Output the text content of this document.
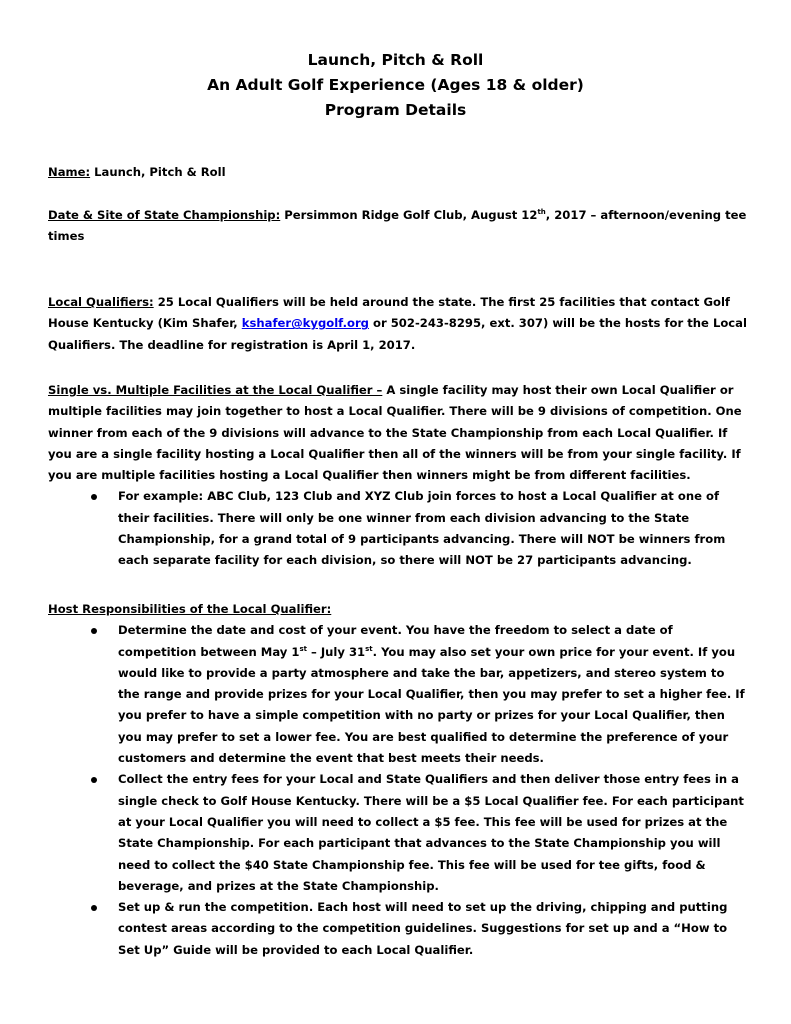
Launch, Pitch & Roll
An Adult Golf Experience (Ages 18 & older)
Program Details
Name: Launch, Pitch & Roll
Date & Site of State Championship: Persimmon Ridge Golf Club, August 12th, 2017 – afternoon/evening tee times
Local Qualifiers: 25 Local Qualifiers will be held around the state. The first 25 facilities that contact Golf House Kentucky (Kim Shafer, kshafer@kygolf.org or 502-243-8295, ext. 307) will be the hosts for the Local Qualifiers. The deadline for registration is April 1, 2017.
Single vs. Multiple Facilities at the Local Qualifier – A single facility may host their own Local Qualifier or multiple facilities may join together to host a Local Qualifier. There will be 9 divisions of competition. One winner from each of the 9 divisions will advance to the State Championship from each Local Qualifier. If you are a single facility hosting a Local Qualifier then all of the winners will be from your single facility. If you are multiple facilities hosting a Local Qualifier then winners might be from different facilities.
For example: ABC Club, 123 Club and XYZ Club join forces to host a Local Qualifier at one of their facilities. There will only be one winner from each division advancing to the State Championship, for a grand total of 9 participants advancing. There will NOT be winners from each separate facility for each division, so there will NOT be 27 participants advancing.
Host Responsibilities of the Local Qualifier:
Determine the date and cost of your event. You have the freedom to select a date of competition between May 1st – July 31st. You may also set your own price for your event. If you would like to provide a party atmosphere and take the bar, appetizers, and stereo system to the range and provide prizes for your Local Qualifier, then you may prefer to set a higher fee. If you prefer to have a simple competition with no party or prizes for your Local Qualifier, then you may prefer to set a lower fee. You are best qualified to determine the preference of your customers and determine the event that best meets their needs.
Collect the entry fees for your Local and State Qualifiers and then deliver those entry fees in a single check to Golf House Kentucky. There will be a $5 Local Qualifier fee. For each participant at your Local Qualifier you will need to collect a $5 fee. This fee will be used for prizes at the State Championship. For each participant that advances to the State Championship you will need to collect the $40 State Championship fee. This fee will be used for tee gifts, food & beverage, and prizes at the State Championship.
Set up & run the competition. Each host will need to set up the driving, chipping and putting contest areas according to the competition guidelines. Suggestions for set up and a “How to Set Up” Guide will be provided to each Local Qualifier.
